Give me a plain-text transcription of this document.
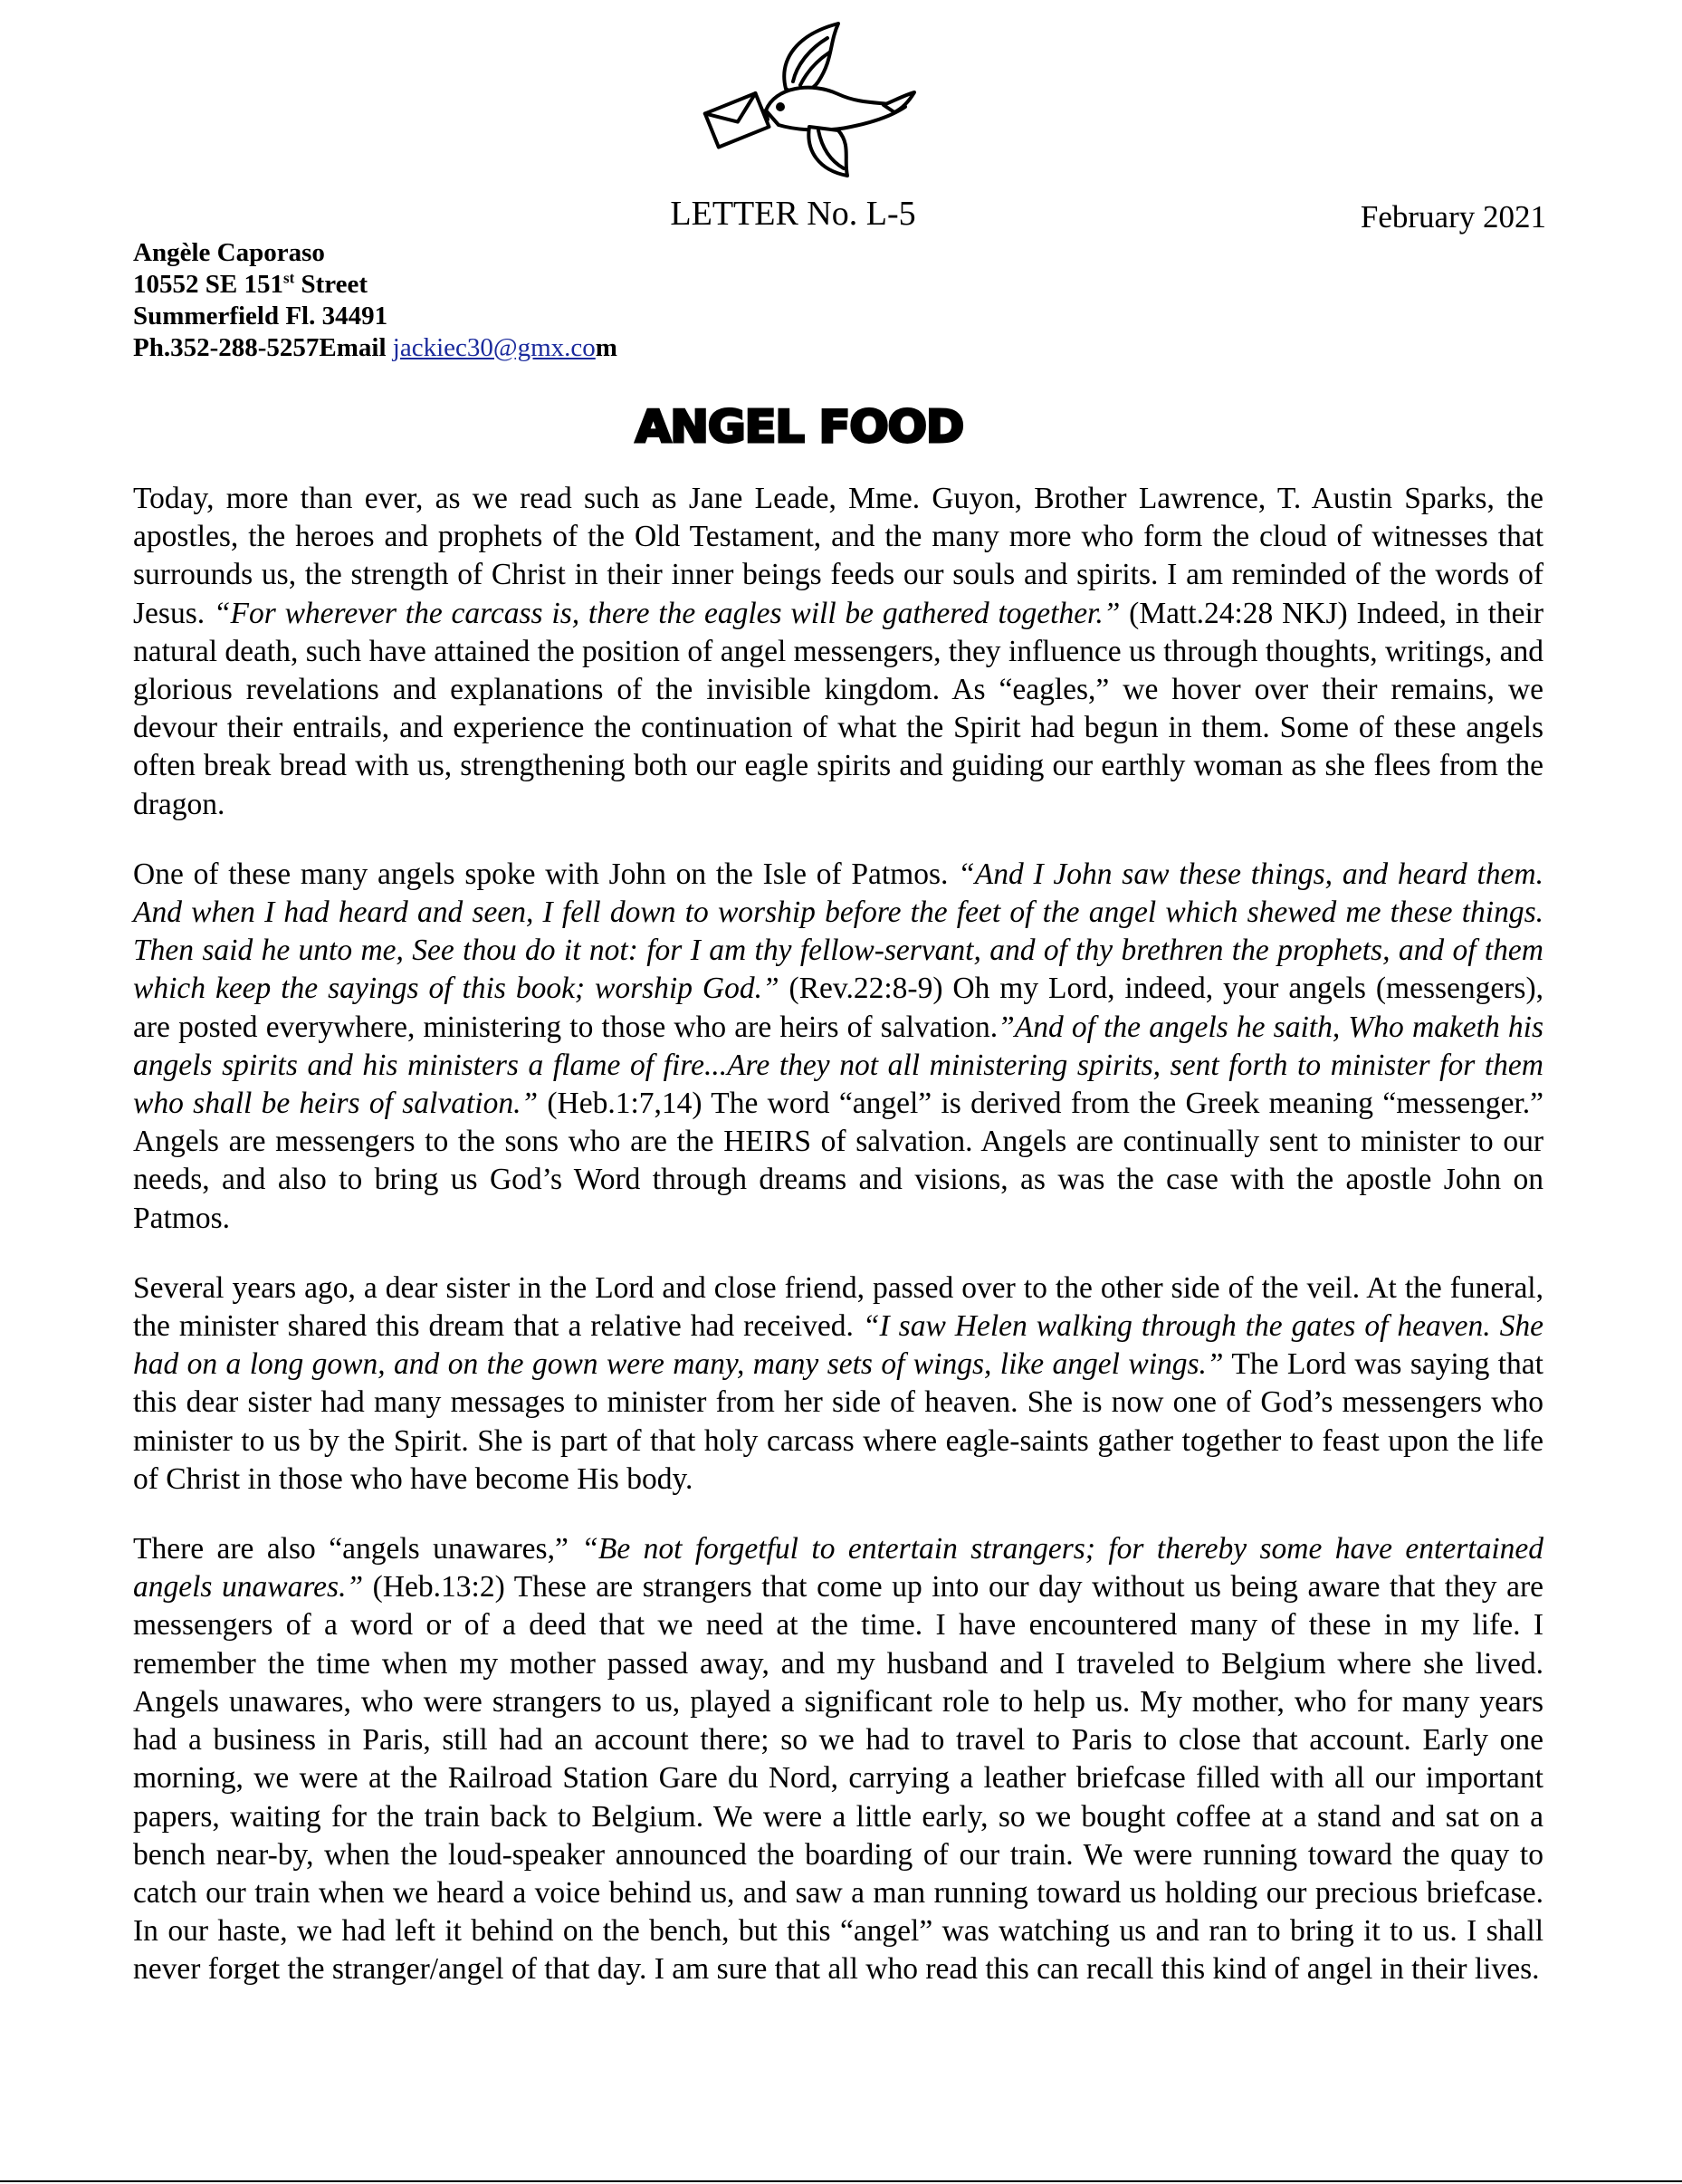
LETTER No. L-5	February 2021
Angèle Caporaso
10552 SE 151st Street
Summerfield Fl. 34491
Ph.352-288-5257Email jackiec30@gmx.com
ANGEL FOOD

Today, more than ever, as we read such as Jane Leade, Mme. Guyon, Brother Lawrence, T. Austin Sparks, the apostles, the heroes and prophets of the Old Testament, and the many more who form the cloud of witnesses that surrounds us, the strength of Christ in their inner beings feeds our souls and spirits. I am reminded of the words of Jesus. “For wherever the carcass is, there the eagles will be gathered together.” (Matt.24:28 NKJ) Indeed, in their natural death, such have attained the position of angel messengers, they influence us through thoughts, writings, and glorious revelations and explanations of the invisible kingdom. As “eagles,” we hover over their remains, we devour their entrails, and experience the continuation of what the Spirit had begun in them. Some of these angels often break bread with us, strengthening both our eagle spirits and guiding our earthly woman as she flees from the dragon.

One of these many angels spoke with John on the Isle of Patmos. “And I John saw these things, and heard them. And when I had heard and seen, I fell down to worship before the feet of the angel which shewed me these things. Then said he unto me, See thou do it not: for I am thy fellow-servant, and of thy brethren the prophets, and of them which keep the sayings of this book; worship God.” (Rev.22:8-9) Oh my Lord, indeed, your angels (messengers), are posted everywhere, ministering to those who are heirs of salvation.”And of the angels he saith, Who maketh his angels spirits and his ministers a flame of fire...Are they not all ministering spirits, sent forth to minister for them who shall be heirs of salvation.” (Heb.1:7,14) The word “angel” is derived from the Greek meaning “messenger.” Angels are messengers to the sons who are the HEIRS of salvation. Angels are continually sent to minister to our needs, and also to bring us God’s Word through dreams and visions, as was the case with the apostle John on Patmos.

Several years ago, a dear sister in the Lord and close friend, passed over to the other side of the veil. At the funeral, the minister shared this dream that a relative had received. “I saw Helen walking through the gates of heaven. She had on a long gown, and on the gown were many, many sets of wings, like angel wings.” The Lord was saying that this dear sister had many messages to minister from her side of heaven. She is now one of God’s messengers who minister to us by the Spirit. She is part of that holy carcass where eagle-saints gather together to feast upon the life of Christ in those who have become His body.

There are also “angels unawares,” “Be not forgetful to entertain strangers; for thereby some have entertained angels unawares.” (Heb.13:2) These are strangers that come up into our day without us being aware that they are messengers of a word or of a deed that we need at the time. I have encountered many of these in my life. I remember the time when my mother passed away, and my husband and I traveled to Belgium where she lived. Angels unawares, who were strangers to us, played a significant role to help us. My mother, who for many years had a business in Paris, still had an account there; so we had to travel to Paris to close that account. Early one morning, we were at the Railroad Station Gare du Nord, carrying a leather briefcase filled with all our important papers, waiting for the train back to Belgium. We were a little early, so we bought coffee at a stand and sat on a bench near-by, when the loud-speaker announced the boarding of our train. We were running toward the quay to catch our train when we heard a voice behind us, and saw a man running toward us holding our precious briefcase. In our haste, we had left it behind on the bench, but this “angel” was watching us and ran to bring it to us. I shall never forget the stranger/angel of that day. I am sure that all who read this can recall this kind of angel in their lives.
